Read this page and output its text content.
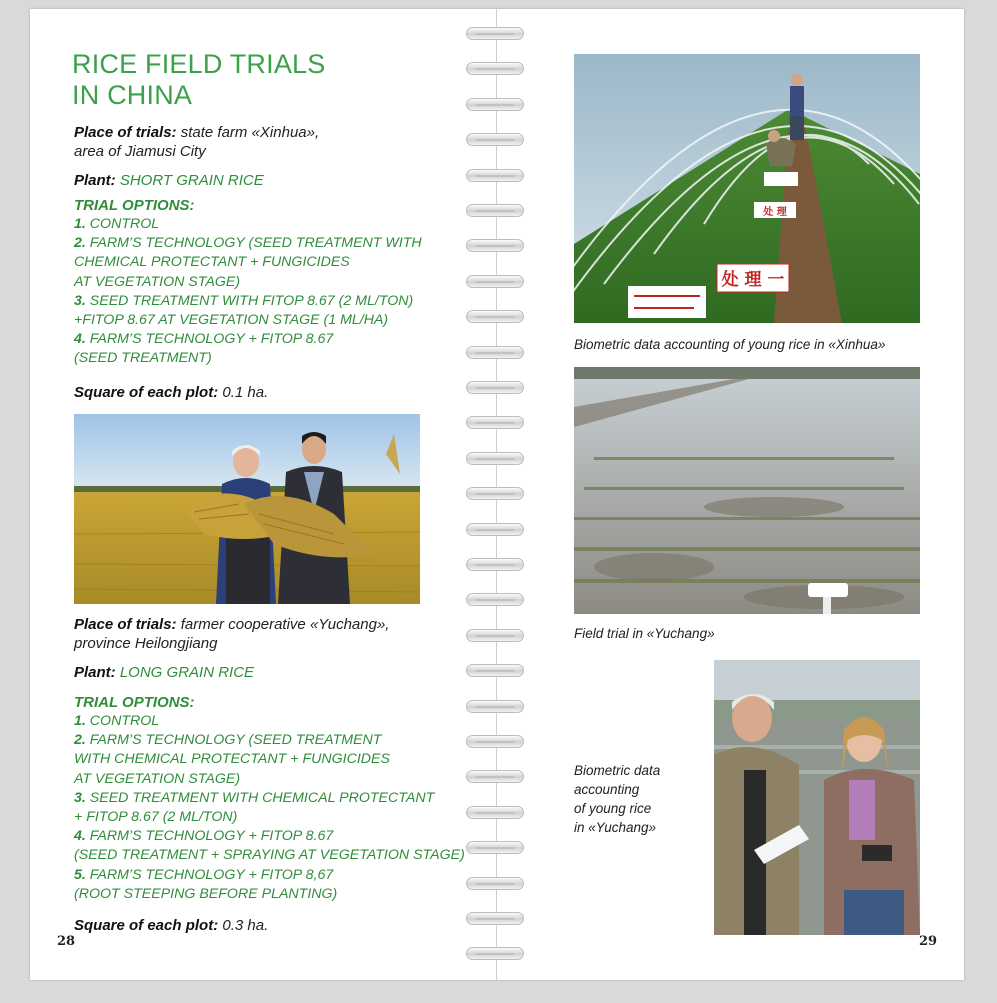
RICE FIELD TRIALS
IN CHINA
Place of trials: state farm «Xinhua»,
area of Jiamusi City
Plant: SHORT GRAIN RICE
TRIAL OPTIONS:
1. CONTROL
2. FARM’S TECHNOLOGY (SEED TREATMENT WITH
CHEMICAL PROTECTANT + FUNGICIDES
AT VEGETATION STAGE)
3. SEED TREATMENT WITH FITOP 8.67 (2 ML/TON)
+FITOP 8.67 AT VEGETATION STAGE (1 ML/HA)
4. FARM’S TECHNOLOGY + FITOP 8.67
(SEED TREATMENT)
Square of each plot: 0.1 ha.
Place of trials: farmer cooperative «Yuchang»,
province Heilongjiang
Plant: LONG GRAIN RICE
TRIAL OPTIONS:
1. CONTROL
2. FARM’S TECHNOLOGY (SEED TREATMENT
WITH CHEMICAL PROTECTANT + FUNGICIDES
AT VEGETATION STAGE)
3. SEED TREATMENT WITH CHEMICAL PROTECTANT
+ FITOP 8.67 (2 ML/TON)
4. FARM’S TECHNOLOGY + FITOP 8.67
(SEED TREATMENT + SPRAYING AT VEGETATION STAGE)
5. FARM’S TECHNOLOGY + FITOP 8,67
(ROOT STEEPING BEFORE PLANTING)
Square of each plot: 0.3 ha.
28
处 理 一
处 理
Biometric data accounting of young rice in «Xinhua»
Field trial in «Yuchang»
Biometric data
accounting
of young rice
in «Yuchang»
29
